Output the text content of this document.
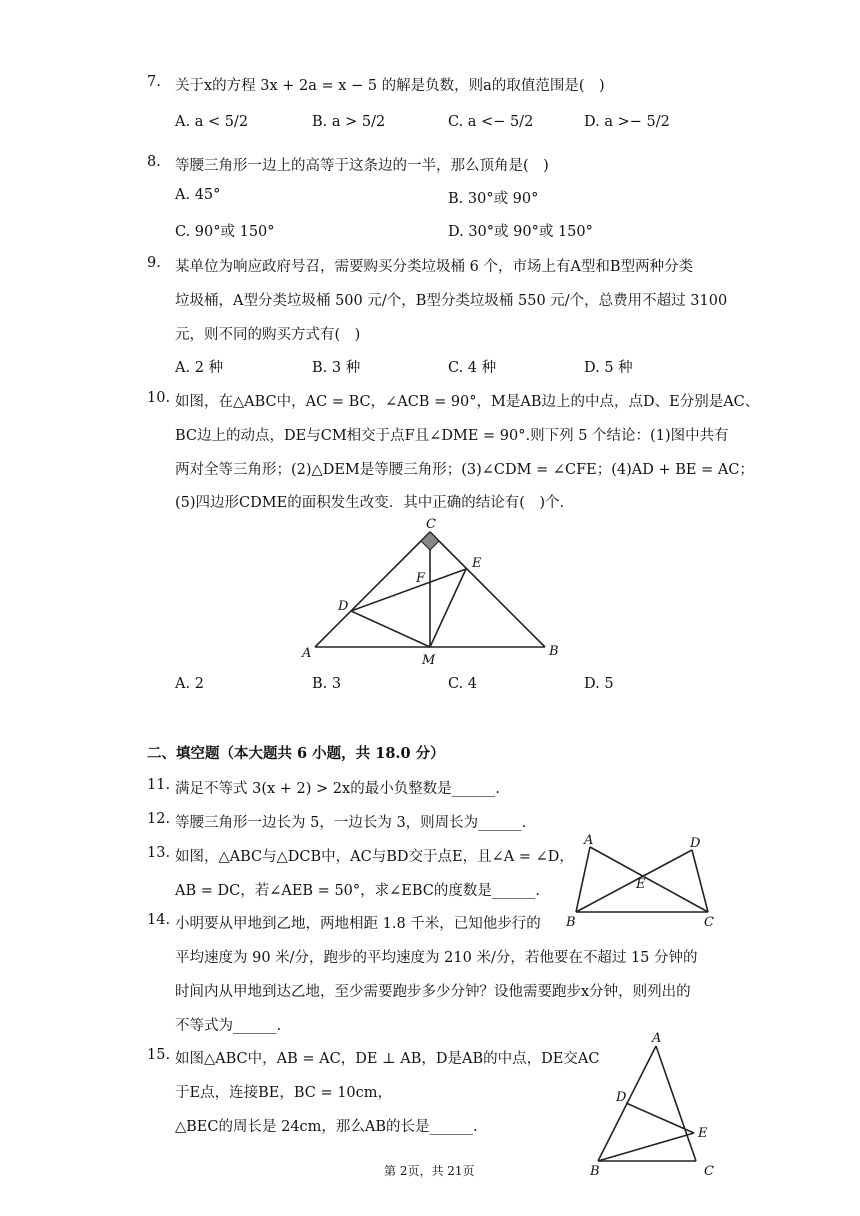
7. 关于x的方程 3x + 2a = x − 5 的解是负数，则a的取值范围是(　)
A. a < 5/2	B. a > 5/2	C. a <− 5/2	D. a >− 5/2
8. 等腰三角形一边上的高等于这条边的一半，那么顶角是(　)
A. 45°	B. 30°或 90°
C. 90°或 150°	D. 30°或 90°或 150°
9. 某单位为响应政府号召，需要购买分类垃圾桶 6 个，市场上有A型和B型两种分类
垃圾桶，A型分类垃圾桶 500 元/个，B型分类垃圾桶 550 元/个，总费用不超过 3100
元，则不同的购买方式有(　)
A. 2 种	B. 3 种	C. 4 种	D. 5 种
10. 如图，在△ABC中，AC = BC，∠ACB = 90°，M是AB边上的中点，点D、E分别是AC、
BC边上的动点，DE与CM相交于点F且∠DME = 90°.则下列 5 个结论：(1)图中共有
两对全等三角形；(2)△DEM是等腰三角形；(3)∠CDM = ∠CFE；(4)AD + BE = AC；
(5)四边形CDME的面积发生改变．其中正确的结论有(　)个.
C
E
F
D
A	M
B
A. 2	B. 3	C. 4	D. 5
二、填空题（本大题共 6 小题，共 18.0 分）
11. 满足不等式 3(x + 2) > 2x的最小负整数是______.
12. 等腰三角形一边长为 5，一边长为 3，则周长为______.
13. 如图，△ABC与△DCB中，AC与BD交于点E，且∠A = ∠D，
AB = DC，若∠AEB = 50°，求∠EBC的度数是______.
A	D
E
B	C
14. 小明要从甲地到乙地，两地相距 1.8 千米，已知他步行的
平均速度为 90 米/分，跑步的平均速度为 210 米/分，若他要在不超过 15 分钟的
时间内从甲地到达乙地，至少需要跑步多少分钟？设他需要跑步x分钟，则列出的
不等式为______.
15. 如图△ABC中，AB = AC，DE ⊥ AB，D是AB的中点，DE交AC
于E点，连接BE，BC = 10cm，
△BEC的周长是 24cm，那么AB的长是______.
A
D
E
B	C
第 2页，共 21页
